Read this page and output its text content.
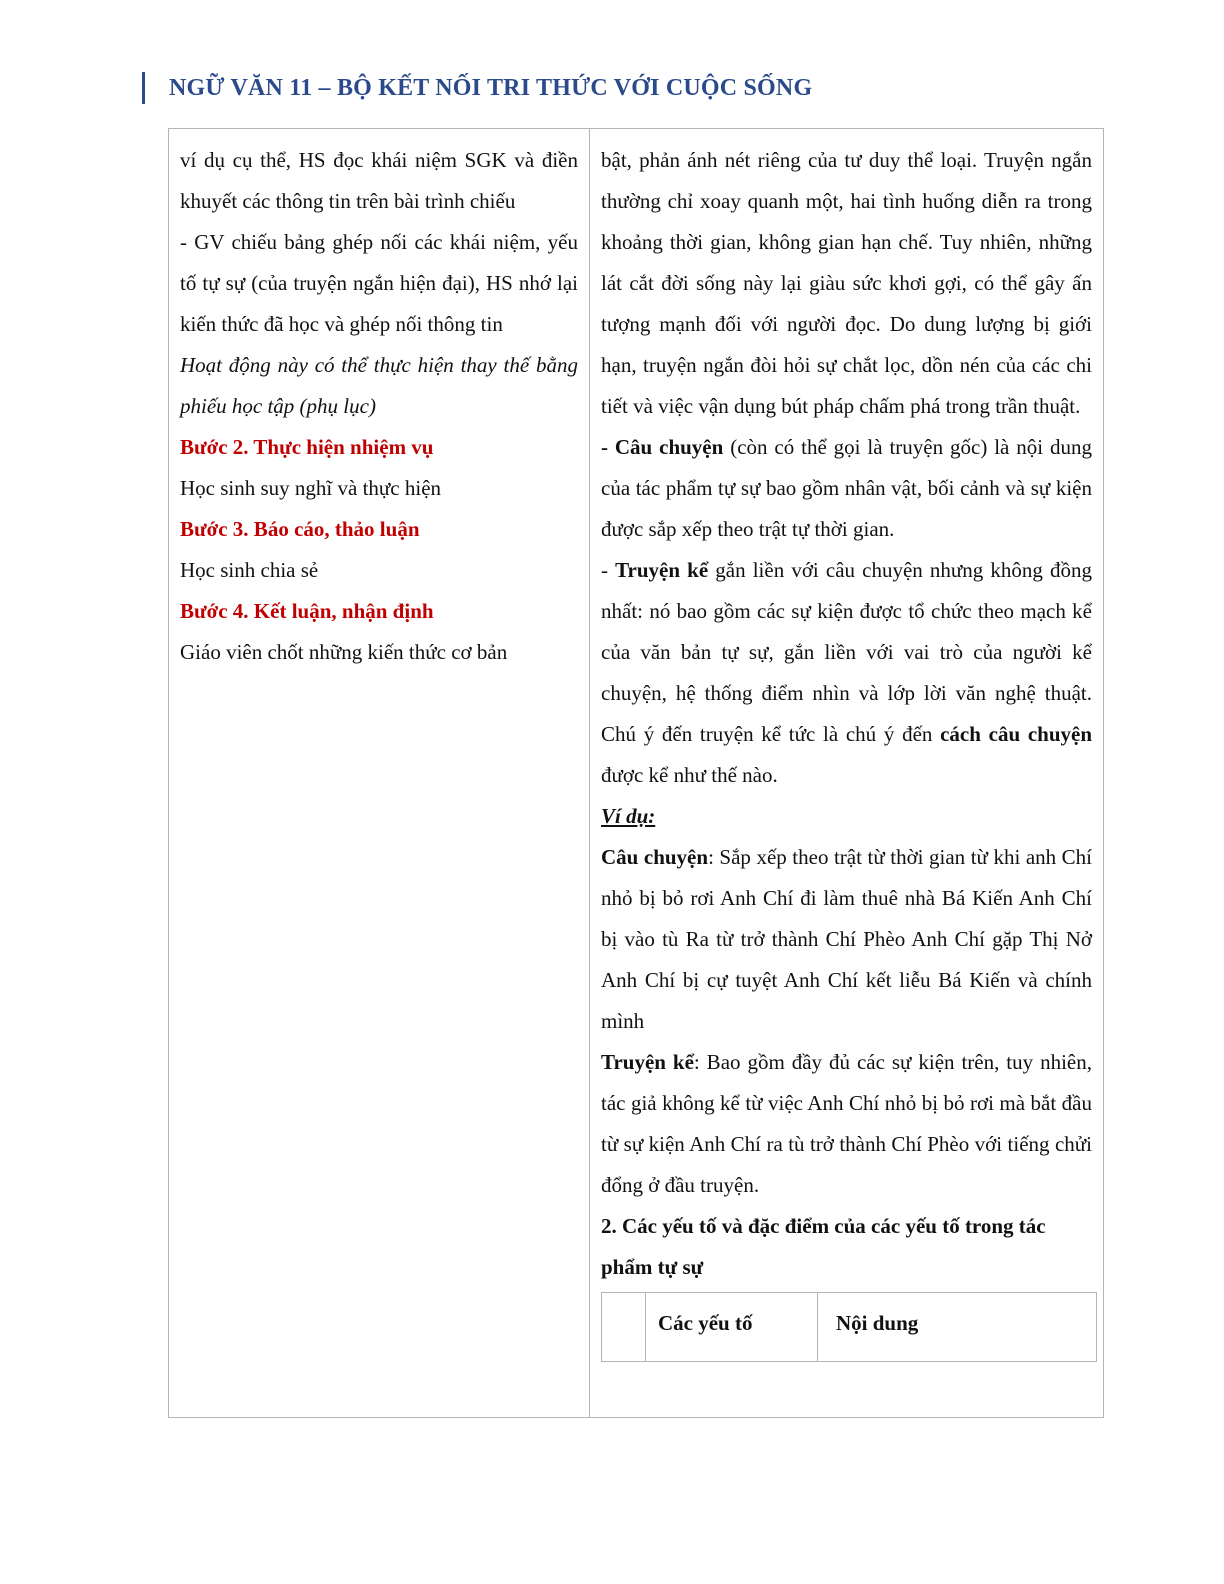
NGỮ VĂN 11 – BỘ KẾT NỐI TRI THỨC VỚI CUỘC SỐNG

ví dụ cụ thể, HS đọc khái niệm SGK và điền khuyết các thông tin trên bài trình chiếu

- GV chiếu bảng ghép nối các khái niệm, yếu tố tự sự (của truyện ngắn hiện đại), HS nhớ lại kiến thức đã học và ghép nối thông tin

Hoạt động này có thể thực hiện thay thế bằng phiếu học tập (phụ lục)

Bước 2. Thực hiện nhiệm vụ

Học sinh suy nghĩ và thực hiện

Bước 3. Báo cáo, thảo luận

Học sinh chia sẻ

Bước 4. Kết luận, nhận định

Giáo viên chốt những kiến thức cơ bản

bật, phản ánh nét riêng của tư duy thể loại. Truyện ngắn thường chỉ xoay quanh một, hai tình huống diễn ra trong khoảng thời gian, không gian hạn chế. Tuy nhiên, những lát cắt đời sống này lại giàu sức khơi gợi, có thể gây ấn tượng mạnh đối với người đọc. Do dung lượng bị giới hạn, truyện ngắn đòi hỏi sự chắt lọc, dồn nén của các chi tiết và việc vận dụng bút pháp chấm phá trong trần thuật.

- Câu chuyện (còn có thể gọi là truyện gốc) là nội dung của tác phẩm tự sự bao gồm nhân vật, bối cảnh và sự kiện được sắp xếp theo trật tự thời gian.

- Truyện kể gắn liền với câu chuyện nhưng không đồng nhất: nó bao gồm các sự kiện được tổ chức theo mạch kể của văn bản tự sự, gắn liền với vai trò của người kể chuyện, hệ thống điểm nhìn và lớp lời văn nghệ thuật. Chú ý đến truyện kể tức là chú ý đến cách câu chuyện được kể như thế nào.

Ví dụ:

Câu chuyện: Sắp xếp theo trật từ thời gian từ khi anh Chí nhỏ bị bỏ rơi Anh Chí đi làm thuê nhà Bá Kiến Anh Chí bị vào tù Ra từ trở thành Chí Phèo Anh Chí gặp Thị Nở Anh Chí bị cự tuyệt Anh Chí kết liễu Bá Kiến và chính mình

Truyện kể: Bao gồm đầy đủ các sự kiện trên, tuy nhiên, tác giả không kể từ việc Anh Chí nhỏ bị bỏ rơi mà bắt đầu từ sự kiện Anh Chí ra tù trở thành Chí Phèo với tiếng chửi đổng ở đầu truyện.

2. Các yếu tố và đặc điểm của các yếu tố trong tác phẩm tự sự

Các yếu tố	Nội dung
